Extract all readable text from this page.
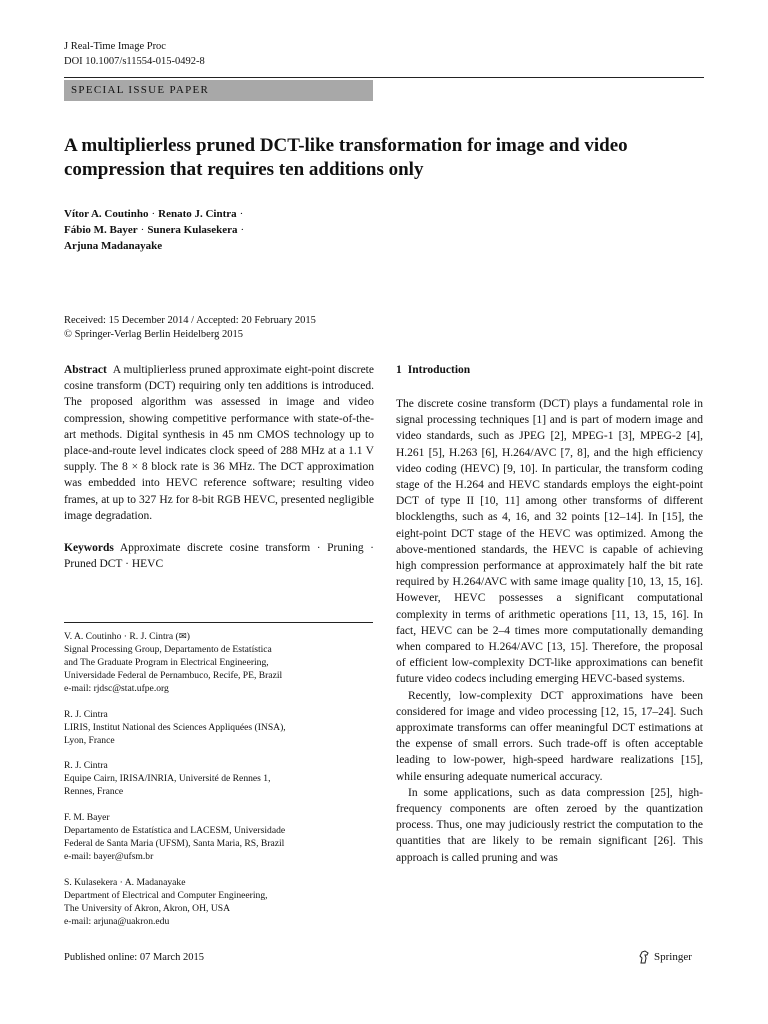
J Real-Time Image Proc
DOI 10.1007/s11554-015-0492-8
SPECIAL ISSUE PAPER
A multiplierless pruned DCT-like transformation for image and video compression that requires ten additions only
Vítor A. Coutinho · Renato J. Cintra ·
Fábio M. Bayer · Sunera Kulasekera ·
Arjuna Madanayake
Received: 15 December 2014 / Accepted: 20 February 2015
© Springer-Verlag Berlin Heidelberg 2015

Abstract A multiplierless pruned approximate eight-point discrete cosine transform (DCT) requiring only ten additions is introduced. The proposed algorithm was assessed in image and video compression, showing competitive performance with state-of-the-art methods. Digital synthesis in 45 nm CMOS technology up to place-and-route level indicates clock speed of 288 MHz at a 1.1 V supply. The 8 × 8 block rate is 36 MHz. The DCT approximation was embedded into HEVC reference software; resulting video frames, at up to 327 Hz for 8-bit RGB HEVC, presented negligible image degradation.

Keywords Approximate discrete cosine transform · Pruning · Pruned DCT · HEVC

V. A. Coutinho · R. J. Cintra (✉)
Signal Processing Group, Departamento de Estatística
and The Graduate Program in Electrical Engineering,
Universidade Federal de Pernambuco, Recife, PE, Brazil
e-mail: rjdsc@stat.ufpe.org
R. J. Cintra
LIRIS, Institut National des Sciences Appliquées (INSA),
Lyon, France
R. J. Cintra
Equipe Cairn, IRISA/INRIA, Université de Rennes 1,
Rennes, France
F. M. Bayer
Departamento de Estatística and LACESM, Universidade
Federal de Santa Maria (UFSM), Santa Maria, RS, Brazil
e-mail: bayer@ufsm.br
S. Kulasekera · A. Madanayake
Department of Electrical and Computer Engineering,
The University of Akron, Akron, OH, USA
e-mail: arjuna@uakron.edu
1 Introduction

The discrete cosine transform (DCT) plays a fundamental role in signal processing techniques [1] and is part of modern image and video standards, such as JPEG [2], MPEG-1 [3], MPEG-2 [4], H.261 [5], H.263 [6], H.264/AVC [7, 8], and the high efficiency video coding (HEVC) [9, 10]. In particular, the transform coding stage of the H.264 and HEVC standards employs the eight-point DCT of type II [10, 11] among other transforms of different blocklengths, such as 4, 16, and 32 points [12–14]. In [15], the eight-point DCT stage of the HEVC was optimized. Among the above-mentioned standards, the HEVC is capable of achieving high compression performance at approximately half the bit rate required by H.264/AVC with same image quality [10, 13, 15, 16]. However, HEVC possesses a significant computational complexity in terms of arithmetic operations [11, 13, 15, 16]. In fact, HEVC can be 2–4 times more computationally demanding when compared to H.264/AVC [13, 15]. Therefore, the proposal of efficient low-complexity DCT-like approximations can benefit future video codecs including emerging HEVC-based systems.

Recently, low-complexity DCT approximations have been considered for image and video processing [12, 15, 17–24]. Such approximate transforms can offer meaningful DCT estimations at the expense of small errors. Such trade-off is often acceptable leading to low-power, high-speed hardware realizations [15], while ensuring adequate numerical accuracy.

In some applications, such as data compression [25], high-frequency components are often zeroed by the quantization process. Thus, one may judiciously restrict the computation to the quantities that are likely to be remain significant [26]. This approach is called pruning and was

Published online: 07 March 2015	Springer
